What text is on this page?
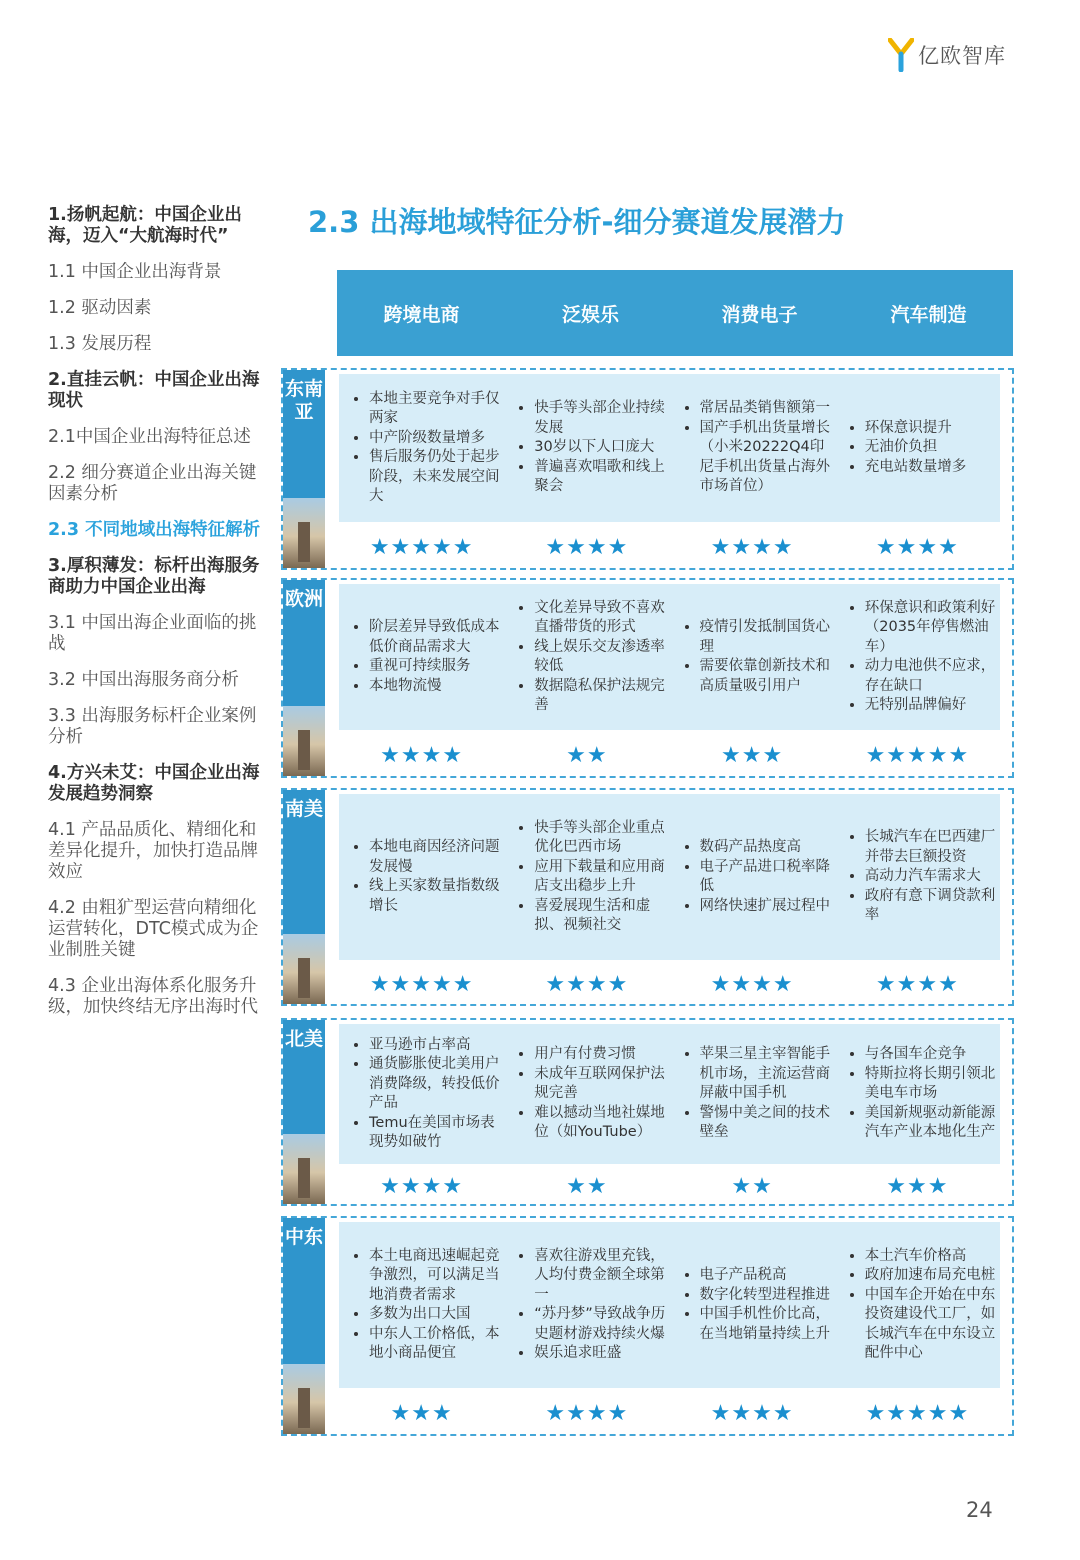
亿欧智库
1.扬帆起航：中国企业出海，迈入“大航海时代”
1.1 中国企业出海背景
1.2 驱动因素
1.3 发展历程
2.直挂云帆：中国企业出海现状
2.1中国企业出海特征总述
2.2 细分赛道企业出海关键因素分析
2.3 不同地域出海特征解析
3.厚积薄发：标杆出海服务商助力中国企业出海
3.1 中国出海企业面临的挑战
3.2 中国出海服务商分析
3.3 出海服务标杆企业案例分析
4.方兴未艾：中国企业出海发展趋势洞察
4.1 产品品质化、精细化和差异化提升，加快打造品牌效应
4.2 由粗犷型运营向精细化运营转化，DTC模式成为企业制胜关键
4.3 企业出海体系化服务升级，加快终结无序出海时代
2.3 出海地域特征分析-细分赛道发展潜力
跨境电商	泛娱乐	消费电子	汽车制造
东南亚
• 本地主要竞争对手仅两家
• 中产阶级数量增多
• 售后服务仍处于起步阶段，未来发展空间大
• 快手等头部企业持续发展
• 30岁以下人口庞大
• 普遍喜欢唱歌和线上聚会
• 常居品类销售额第一
• 国产手机出货量增长（小米20222Q4印尼手机出货量占海外市场首位）
• 环保意识提升
• 无油价负担
• 充电站数量增多
★★★★★	★★★★	★★★★	★★★★
欧洲
• 阶层差异导致低成本低价商品需求大
• 重视可持续服务
• 本地物流慢
• 文化差异导致不喜欢直播带货的形式
• 线上娱乐交友渗透率较低
• 数据隐私保护法规完善
• 疫情引发抵制国货心理
• 需要依靠创新技术和高质量吸引用户
• 环保意识和政策利好（2035年停售燃油车）
• 动力电池供不应求，存在缺口
• 无特别品牌偏好
★★★★	★★	★★★	★★★★★
南美
• 本地电商因经济问题发展慢
• 线上买家数量指数级增长
• 快手等头部企业重点优化巴西市场
• 应用下载量和应用商店支出稳步上升
• 喜爱展现生活和虚拟、视频社交
• 数码产品热度高
• 电子产品进口税率降低
• 网络快速扩展过程中
• 长城汽车在巴西建厂并带去巨额投资
• 高动力汽车需求大
• 政府有意下调贷款利率
★★★★★	★★★★	★★★★	★★★★
北美
•	亚马逊市占率高
• 通货膨胀使北美用户消费降级，转投低价产品
• Temu在美国市场表现势如破竹
• 用户有付费习惯
• 未成年互联网保护法规完善
• 难以撼动当地社媒地位（如YouTube）
• 苹果三星主宰智能手机市场，主流运营商屏蔽中国手机
• 警惕中美之间的技术壁垒
• 与各国车企竞争
• 特斯拉将长期引领北美电车市场
• 美国新规驱动新能源汽车产业本地化生产
★★★★	★★	★★	★★★
中东
• 本土电商迅速崛起竞争激烈，可以满足当地消费者需求
• 多数为出口大国
• 中东人工价格低，本地小商品便宜
• 喜欢往游戏里充钱，人均付费金额全球第一
• “苏丹梦”导致战争历史题材游戏持续火爆
• 娱乐追求旺盛
• 电子产品税高
• 数字化转型进程推进
• 中国手机性价比高，在当地销量持续上升
• 本土汽车价格高
• 政府加速布局充电桩
• 中国车企开始在中东投资建设代工厂，如长城汽车在中东设立配件中心
★★★	★★★★	★★★★	★★★★★
24
